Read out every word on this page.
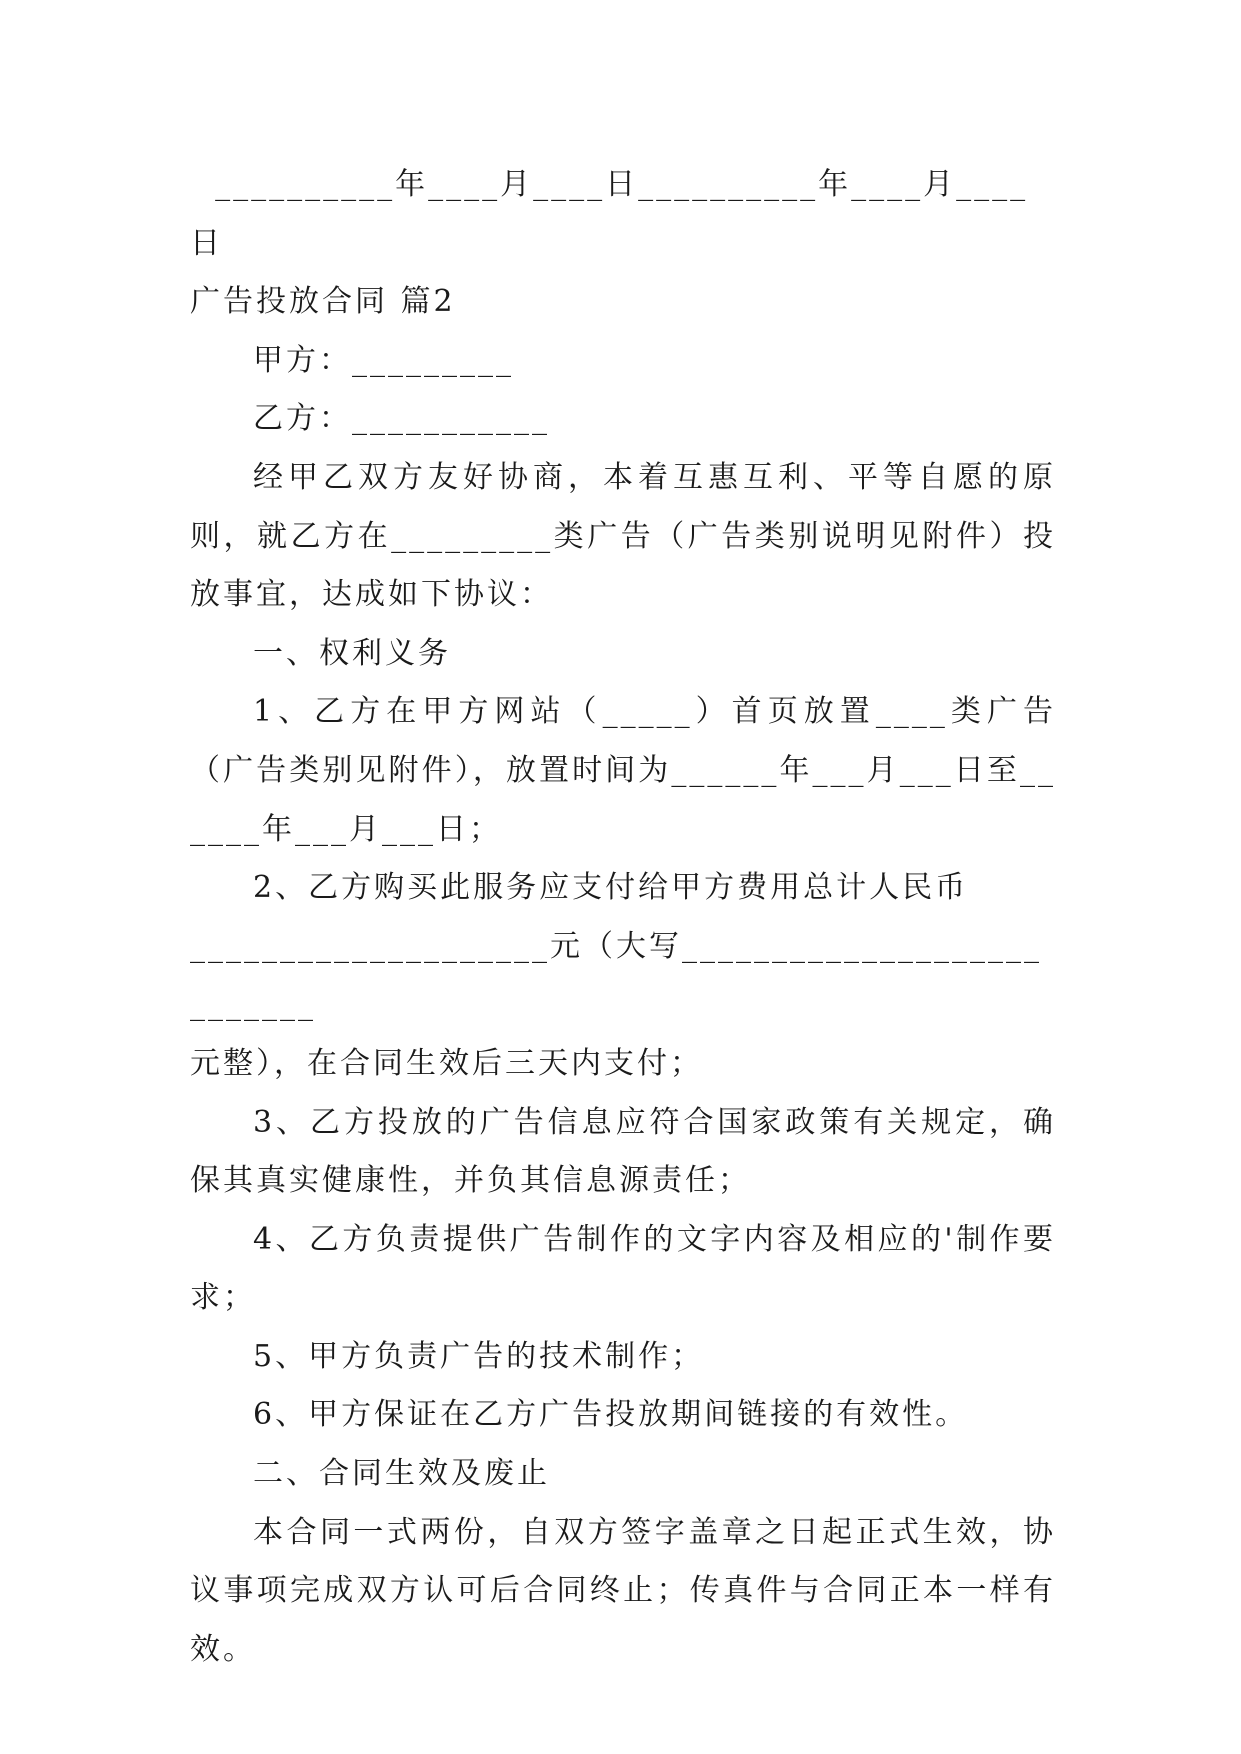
__________年____月____日__________年____月____日

广告投放合同 篇2

甲方：_________

乙方：___________

经甲乙双方友好协商，本着互惠互利、平等自愿的原则，就乙方在_________类广告（广告类别说明见附件）投放事宜，达成如下协议：

一、权利义务

1、乙方在甲方网站（_____）首页放置____类广告（广告类别见附件），放置时间为______年___月___日至______年___月___日；

2、乙方购买此服务应支付给甲方费用总计人民币

____________________元（大写___________________________

元整），在合同生效后三天内支付；

3、乙方投放的广告信息应符合国家政策有关规定，确保其真实健康性，并负其信息源责任；

4、乙方负责提供广告制作的文字内容及相应的'制作要求；

5、甲方负责广告的技术制作；

6、甲方保证在乙方广告投放期间链接的有效性。

二、合同生效及废止

本合同一式两份，自双方签字盖章之日起正式生效，协议事项完成双方认可后合同终止；传真件与合同正本一样有效。
